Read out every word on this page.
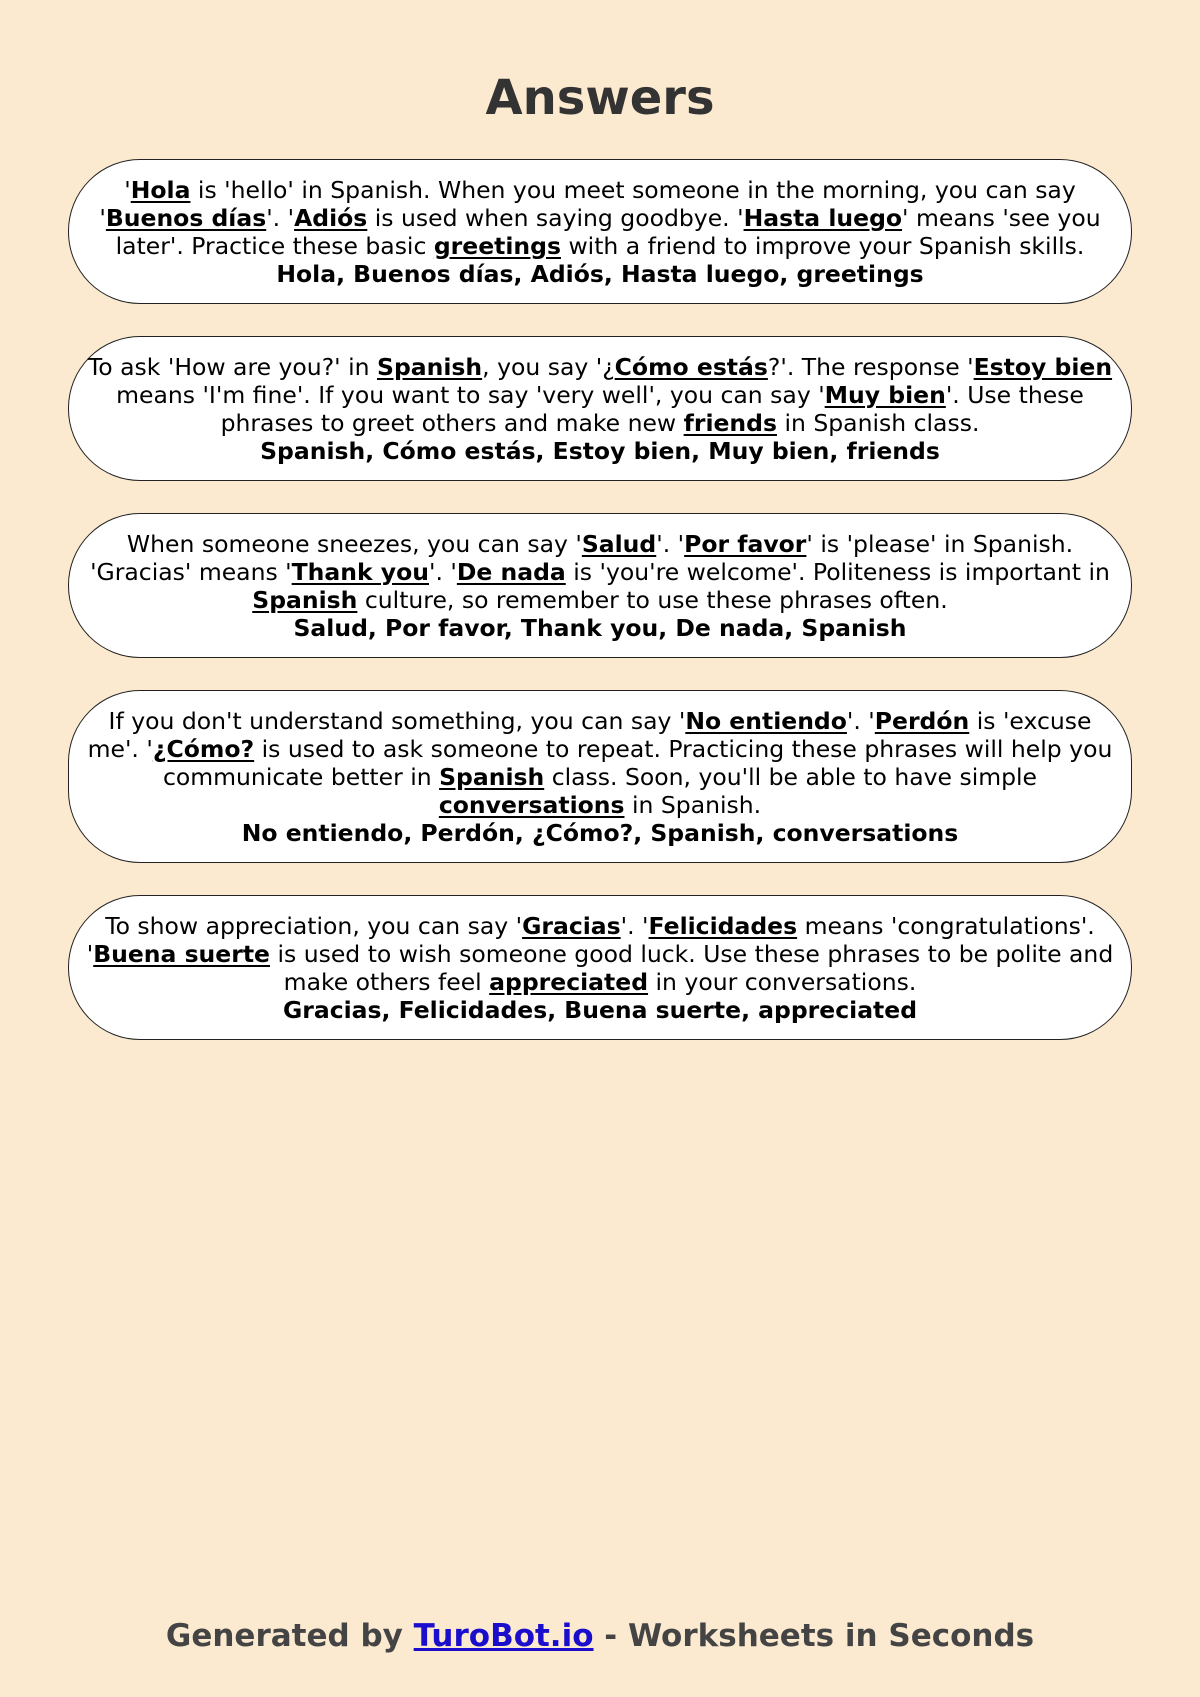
Answers

'Hola is 'hello' in Spanish. When you meet someone in the morning, you can say 'Buenos días'. 'Adiós is used when saying goodbye. 'Hasta luego' means 'see you later'. Practice these basic greetings with a friend to improve your Spanish skills.

Hola, Buenos días, Adiós, Hasta luego, greetings

To ask 'How are you?' in Spanish, you say '¿Cómo estás?'. The response 'Estoy bien means 'I'm fine'. If you want to say 'very well', you can say 'Muy bien'. Use these phrases to greet others and make new friends in Spanish class.

Spanish, Cómo estás, Estoy bien, Muy bien, friends

When someone sneezes, you can say 'Salud'. 'Por favor' is 'please' in Spanish. 'Gracias' means 'Thank you'. 'De nada is 'you're welcome'. Politeness is important in Spanish culture, so remember to use these phrases often.

Salud, Por favor, Thank you, De nada, Spanish

If you don't understand something, you can say 'No entiendo'. 'Perdón is 'excuse me'. '¿Cómo? is used to ask someone to repeat. Practicing these phrases will help you communicate better in Spanish class. Soon, you'll be able to have simple conversations in Spanish.

No entiendo, Perdón, ¿Cómo?, Spanish, conversations

To show appreciation, you can say 'Gracias'. 'Felicidades means 'congratulations'. 'Buena suerte is used to wish someone good luck. Use these phrases to be polite and make others feel appreciated in your conversations.

Gracias, Felicidades, Buena suerte, appreciated

Generated by TuroBot.io - Worksheets in Seconds
